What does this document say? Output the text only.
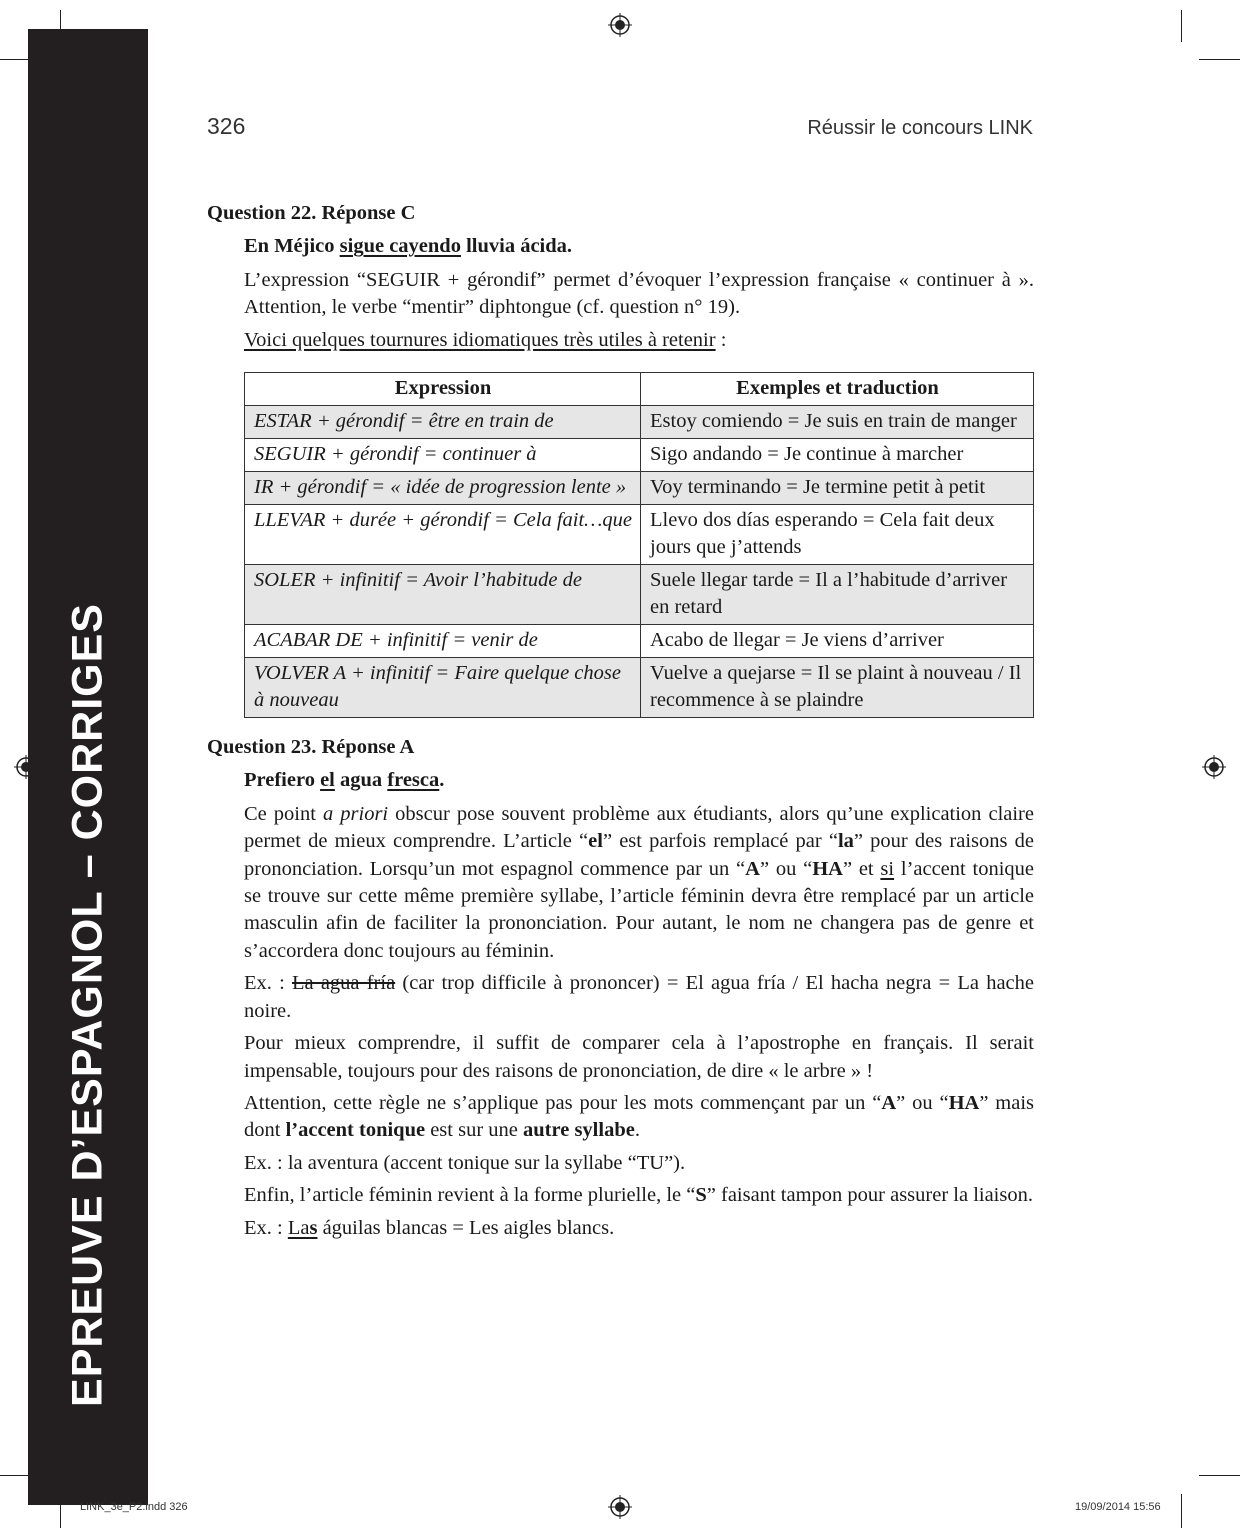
EPREUVE D’ESPAGNOL – CORRIGES
326	Réussir le concours LINK
Question 22. Réponse C
En Méjico sigue cayendo lluvia ácida.

L’expression “SEGUIR + gérondif” permet d’évoquer l’expression française « continuer à ». Attention, le verbe “mentir” diphtongue (cf. question n° 19).

Voici quelques tournures idiomatiques très utiles à retenir :

Expression	Exemples et traduction
ESTAR + gérondif = être en train de	Estoy comiendo = Je suis en train de manger
SEGUIR + gérondif = continuer à	Sigo andando = Je continue à marcher
IR + gérondif = « idée de progression lente »	Voy terminando = Je termine petit à petit
LLEVAR + durée + gérondif = Cela fait…que	Llevo dos días esperando = Cela fait deux jours que j’attends
SOLER + infinitif = Avoir l’habitude de	Suele llegar tarde = Il a l’habitude d’arriver en retard
ACABAR DE + infinitif = venir de	Acabo de llegar = Je viens d’arriver
VOLVER A + infinitif = Faire quelque chose à nouveau	Vuelve a quejarse = Il se plaint à nouveau / Il recommence à se plaindre
Question 23. Réponse A
Prefiero el agua fresca.

Ce point a priori obscur pose souvent problème aux étudiants, alors qu’une explication claire permet de mieux comprendre. L’article “el” est parfois remplacé par “la” pour des raisons de prononciation. Lorsqu’un mot espagnol commence par un “A” ou “HA” et si l’accent tonique se trouve sur cette même première syllabe, l’article féminin devra être remplacé par un article masculin afin de faciliter la prononciation. Pour autant, le nom ne changera pas de genre et s’accordera donc toujours au féminin.

Ex. : La agua fría (car trop difficile à prononcer) = El agua fría / El hacha negra = La hache noire.

Pour mieux comprendre, il suffit de comparer cela à l’apostrophe en français. Il serait impensable, toujours pour des raisons de prononciation, de dire « le arbre » !

Attention, cette règle ne s’applique pas pour les mots commençant par un “A” ou “HA” mais dont l’accent tonique est sur une autre syllabe.

Ex. : la aventura (accent tonique sur la syllabe “TU”).

Enfin, l’article féminin revient à la forme plurielle, le “S” faisant tampon pour assurer la liaison.

Ex. : Las águilas blancas = Les aigles blancs.

LINK_3e_P2.indd 326	19/09/2014 15:56
